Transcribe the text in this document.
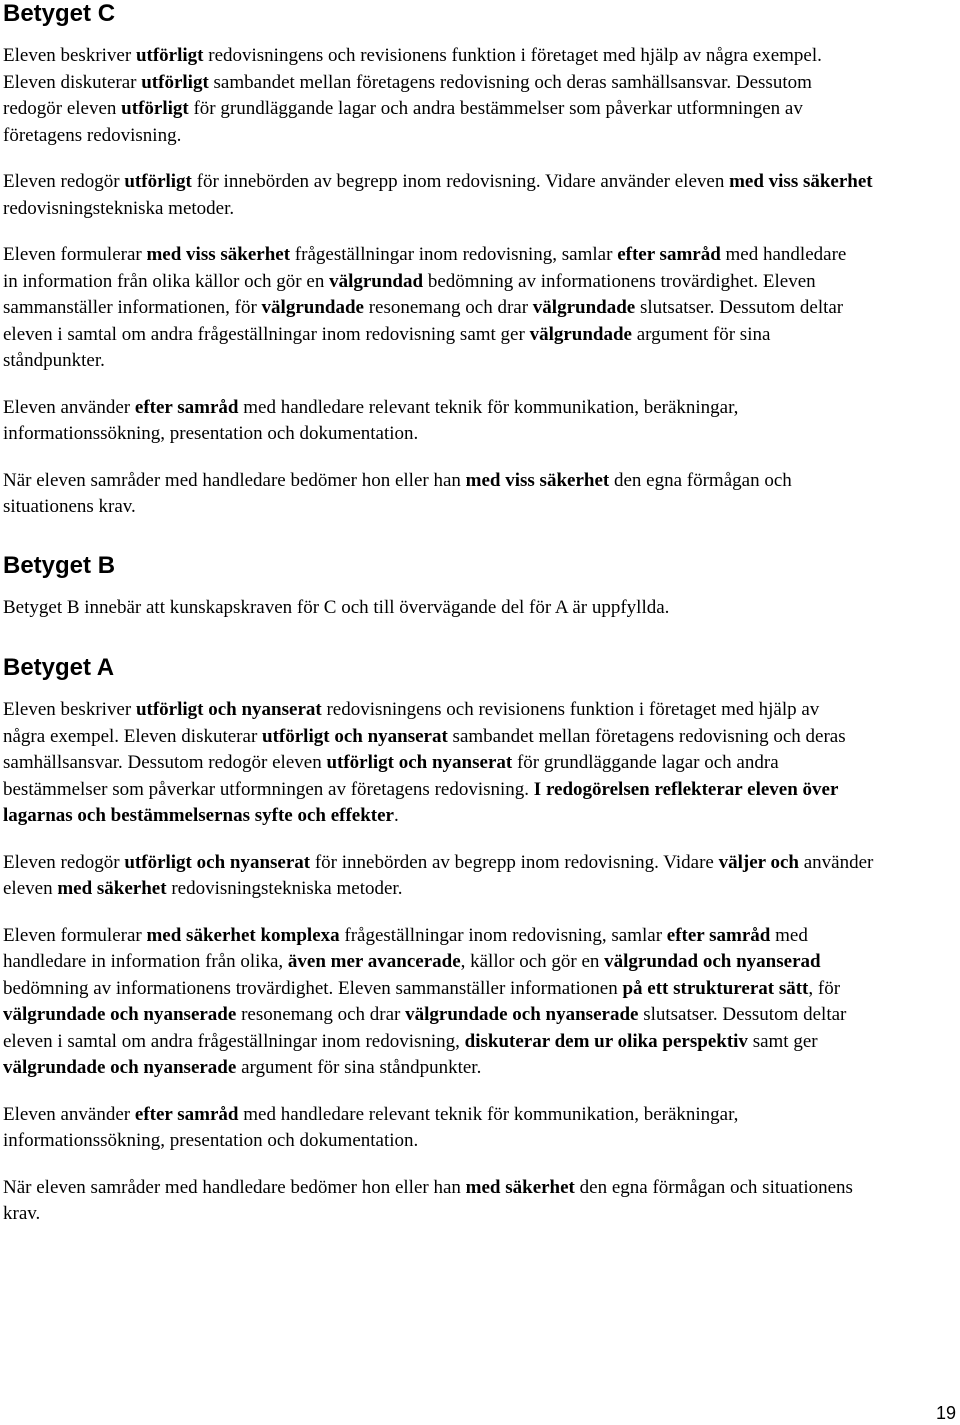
Betyget C

Eleven beskriver utförligt redovisningens och revisionens funktion i företaget med hjälp av några exempel. Eleven diskuterar utförligt sambandet mellan företagens redovisning och deras samhällsansvar. Dessutom redogör eleven utförligt för grundläggande lagar och andra bestämmelser som påverkar utformningen av företagens redovisning.

Eleven redogör utförligt för innebörden av begrepp inom redovisning. Vidare använder eleven med viss säkerhet redovisningstekniska metoder.

Eleven formulerar med viss säkerhet frågeställningar inom redovisning, samlar efter samråd med handledare in information från olika källor och gör en välgrundad bedömning av informationens trovärdighet. Eleven sammanställer informationen, för välgrundade resonemang och drar välgrundade slutsatser. Dessutom deltar eleven i samtal om andra frågeställningar inom redovisning samt ger välgrundade argument för sina ståndpunkter.

Eleven använder efter samråd med handledare relevant teknik för kommunikation, beräkningar, informationssökning, presentation och dokumentation.

När eleven samråder med handledare bedömer hon eller han med viss säkerhet den egna förmågan och situationens krav.

Betyget B

Betyget B innebär att kunskapskraven för C och till övervägande del för A är uppfyllda.

Betyget A

Eleven beskriver utförligt och nyanserat redovisningens och revisionens funktion i företaget med hjälp av några exempel. Eleven diskuterar utförligt och nyanserat sambandet mellan företagens redovisning och deras samhällsansvar. Dessutom redogör eleven utförligt och nyanserat för grundläggande lagar och andra bestämmelser som påverkar utformningen av företagens redovisning. I redogörelsen reflekterar eleven över lagarnas och bestämmelsernas syfte och effekter.

Eleven redogör utförligt och nyanserat för innebörden av begrepp inom redovisning. Vidare väljer och använder eleven med säkerhet redovisningstekniska metoder.

Eleven formulerar med säkerhet komplexa frågeställningar inom redovisning, samlar efter samråd med handledare in information från olika, även mer avancerade, källor och gör en välgrundad och nyanserad bedömning av informationens trovärdighet. Eleven sammanställer informationen på ett strukturerat sätt, för välgrundade och nyanserade resonemang och drar välgrundade och nyanserade slutsatser. Dessutom deltar eleven i samtal om andra frågeställningar inom redovisning, diskuterar dem ur olika perspektiv samt ger välgrundade och nyanserade argument för sina ståndpunkter.

Eleven använder efter samråd med handledare relevant teknik för kommunikation, beräkningar, informationssökning, presentation och dokumentation.

När eleven samråder med handledare bedömer hon eller han med säkerhet den egna förmågan och situationens krav.

19
